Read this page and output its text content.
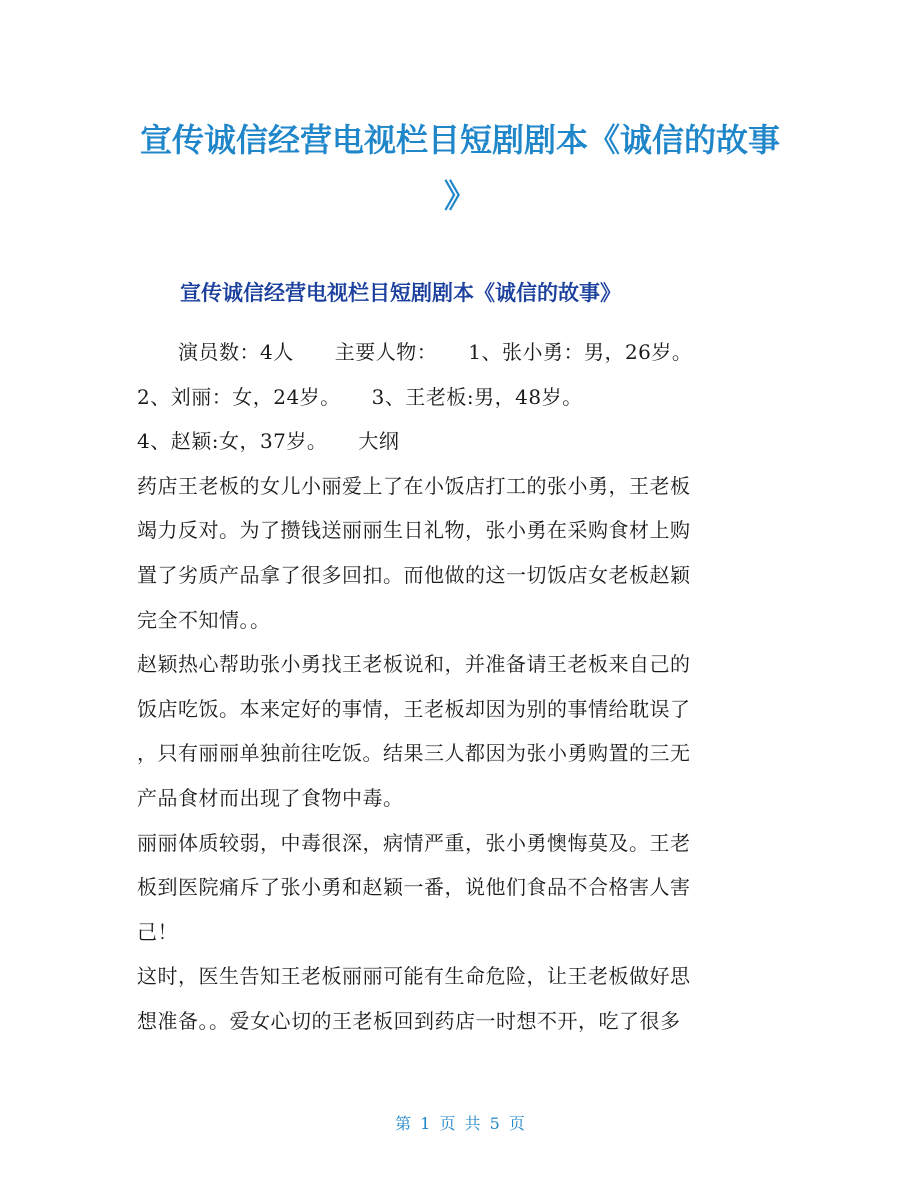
宣传诚信经营电视栏目短剧剧本《诚信的故事
》
宣传诚信经营电视栏目短剧剧本《诚信的故事》
　　演员数：4人　　主要人物：　　1、张小勇：男，26岁。
2、刘丽：女，24岁。　　3、王老板:男，48岁。
4、赵颖:女，37岁。　　大纲
药店王老板的女儿小丽爱上了在小饭店打工的张小勇，王老板
竭力反对。为了攒钱送丽丽生日礼物，张小勇在采购食材上购
置了劣质产品拿了很多回扣。而他做的这一切饭店女老板赵颖
完全不知情。。
赵颖热心帮助张小勇找王老板说和，并准备请王老板来自己的
饭店吃饭。本来定好的事情，王老板却因为别的事情给耽误了
，只有丽丽单独前往吃饭。结果三人都因为张小勇购置的三无
产品食材而出现了食物中毒。
丽丽体质较弱，中毒很深，病情严重，张小勇懊悔莫及。王老
板到医院痛斥了张小勇和赵颖一番，说他们食品不合格害人害
己！
这时，医生告知王老板丽丽可能有生命危险，让王老板做好思
想准备。。爱女心切的王老板回到药店一时想不开，吃了很多
第 1 页 共 5 页
